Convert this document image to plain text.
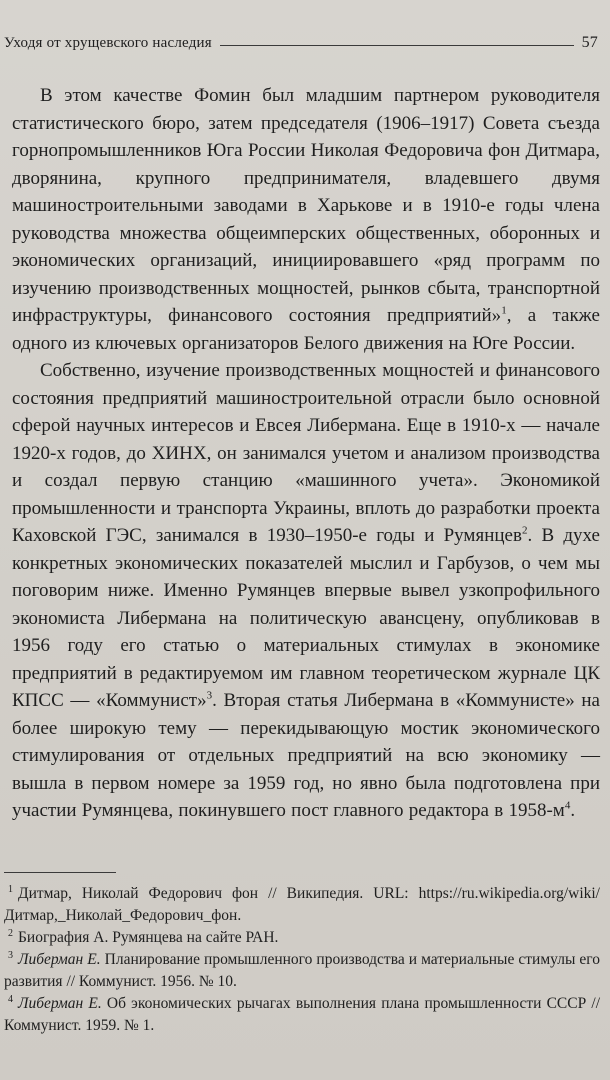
Уходя от хрущевского наследия	57

В этом качестве Фомин был младшим партнером руководителя статистического бюро, затем председателя (1906–1917) Совета съезда горнопромышленников Юга России Николая Федоровича фон Дитмара, дворянина, крупного предпринимателя, владевшего двумя машиностроительными заводами в Харькове и в 1910-е годы члена руководства множества общеимперских общественных, оборонных и экономических организаций, инициировавшего «ряд программ по изучению производственных мощностей, рынков сбыта, транспортной инфраструктуры, финансового состояния предприятий»$^1$, а также одного из ключевых организаторов Белого движения на Юге России.

Собственно, изучение производственных мощностей и финансового состояния предприятий машиностроительной отрасли было основной сферой научных интересов и Евсея Либермана. Еще в 1910-х — начале 1920-х годов, до ХИНХ, он занимался учетом и анализом производства и создал первую станцию «машинного учета». Экономикой промышленности и транспорта Украины, вплоть до разработки проекта Каховской ГЭС, занимался в 1930–1950-е годы и Румянцев$^2$. В духе конкретных экономических показателей мыслил и Гарбузов, о чем мы поговорим ниже. Именно Румянцев впервые вывел узкопрофильного экономиста Либермана на политическую авансцену, опубликовав в 1956 году его статью о материальных стимулах в экономике предприятий в редактируемом им главном теоретическом журнале ЦК КПСС — «Коммунист»$^3$. Вторая статья Либермана в «Коммунисте» на более широкую тему — перекидывающую мостик экономического стимулирования от отдельных предприятий на всю экономику — вышла в первом номере за 1959 год, но явно была подготовлена при участии Румянцева, покинувшего пост главного редактора в $1958-м^4$.

$^1$ Дитмар, Николай Федорович фон // Википедия. URL: https://ru.wikipedia.org/wiki/Дитмар,_Николай_Федорович_фон.

$^2$ Биография А. Румянцева на сайте РАН.

$^3$ Либерман Е. Планирование промышленного производства и материальные стимулы его развития // Коммунист. 1956. № 10.

$^4$ Либерман Е. Об экономических рычагах выполнения плана промышленности СССР // Коммунист. 1959. № 1.
